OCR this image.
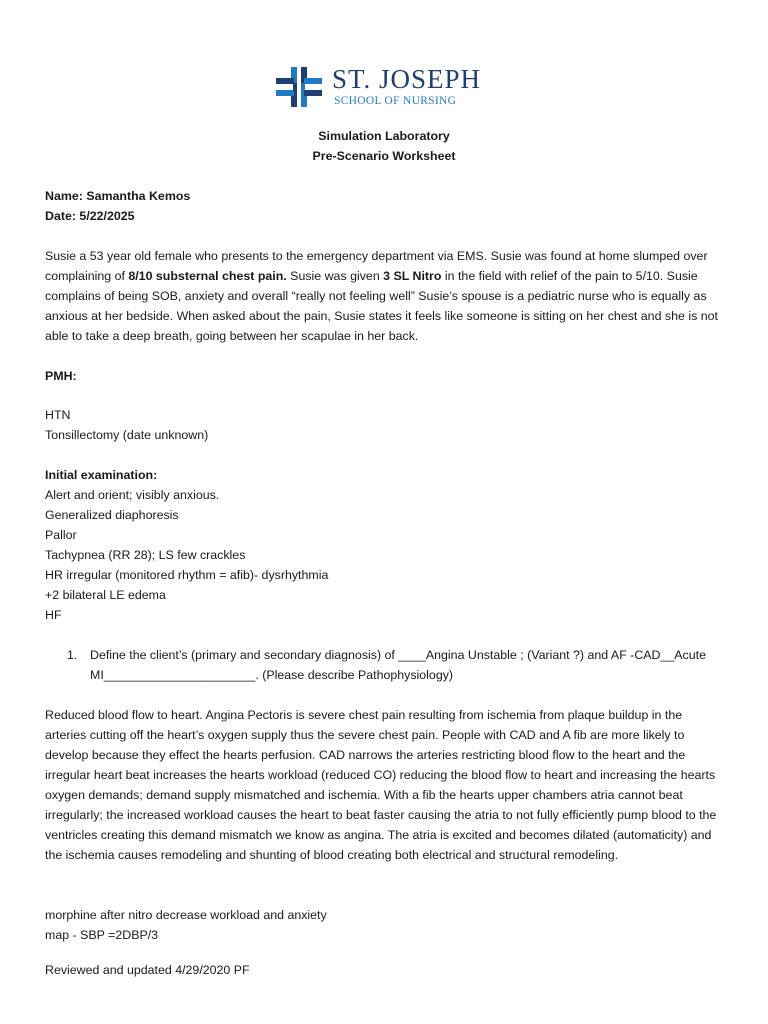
ST. JOSEPH
SCHOOL OF NURSING
Simulation Laboratory
Pre-Scenario Worksheet
Name: Samantha Kemos
Date: 5/22/2025
Susie a 53 year old female who presents to the emergency department via EMS. Susie was found at home slumped over complaining of 8/10 substernal chest pain. Susie was given 3 SL Nitro in the field with relief of the pain to 5/10. Susie complains of being SOB, anxiety and overall “really not feeling well” Susie’s spouse is a pediatric nurse who is equally as anxious at her bedside. When asked about the pain, Susie states it feels like someone is sitting on her chest and she is not able to take a deep breath, going between her scapulae in her back.
PMH:
HTN
Tonsillectomy (date unknown)
Initial examination:
Alert and orient; visibly anxious.
Generalized diaphoresis
Pallor
Tachypnea (RR 28); LS few crackles
HR irregular (monitored rhythm = afib)- dysrhythmia
+2 bilateral LE edema
HF
1. Define the client’s (primary and secondary diagnosis) of ____Angina Unstable ; (Variant ?) and AF -CAD__Acute MI______________________. (Please describe Pathophysiology)
Reduced blood flow to heart. Angina Pectoris is severe chest pain resulting from ischemia from plaque buildup in the arteries cutting off the heart’s oxygen supply thus the severe chest pain. People with CAD and A fib are more likely to develop because they effect the hearts perfusion. CAD narrows the arteries restricting blood flow to the heart and the irregular heart beat increases the hearts workload (reduced CO) reducing the blood flow to heart and increasing the hearts oxygen demands; demand supply mismatched and ischemia. With a fib the hearts upper chambers atria cannot beat irregularly; the increased workload causes the heart to beat faster causing the atria to not fully efficiently pump blood to the ventricles creating this demand mismatch we know as angina. The atria is excited and becomes dilated (automaticity) and the ischemia causes remodeling and shunting of blood creating both electrical and structural remodeling.
morphine after nitro decrease workload and anxiety
map - SBP =2DBP/3
Reviewed and updated 4/29/2020 PF
